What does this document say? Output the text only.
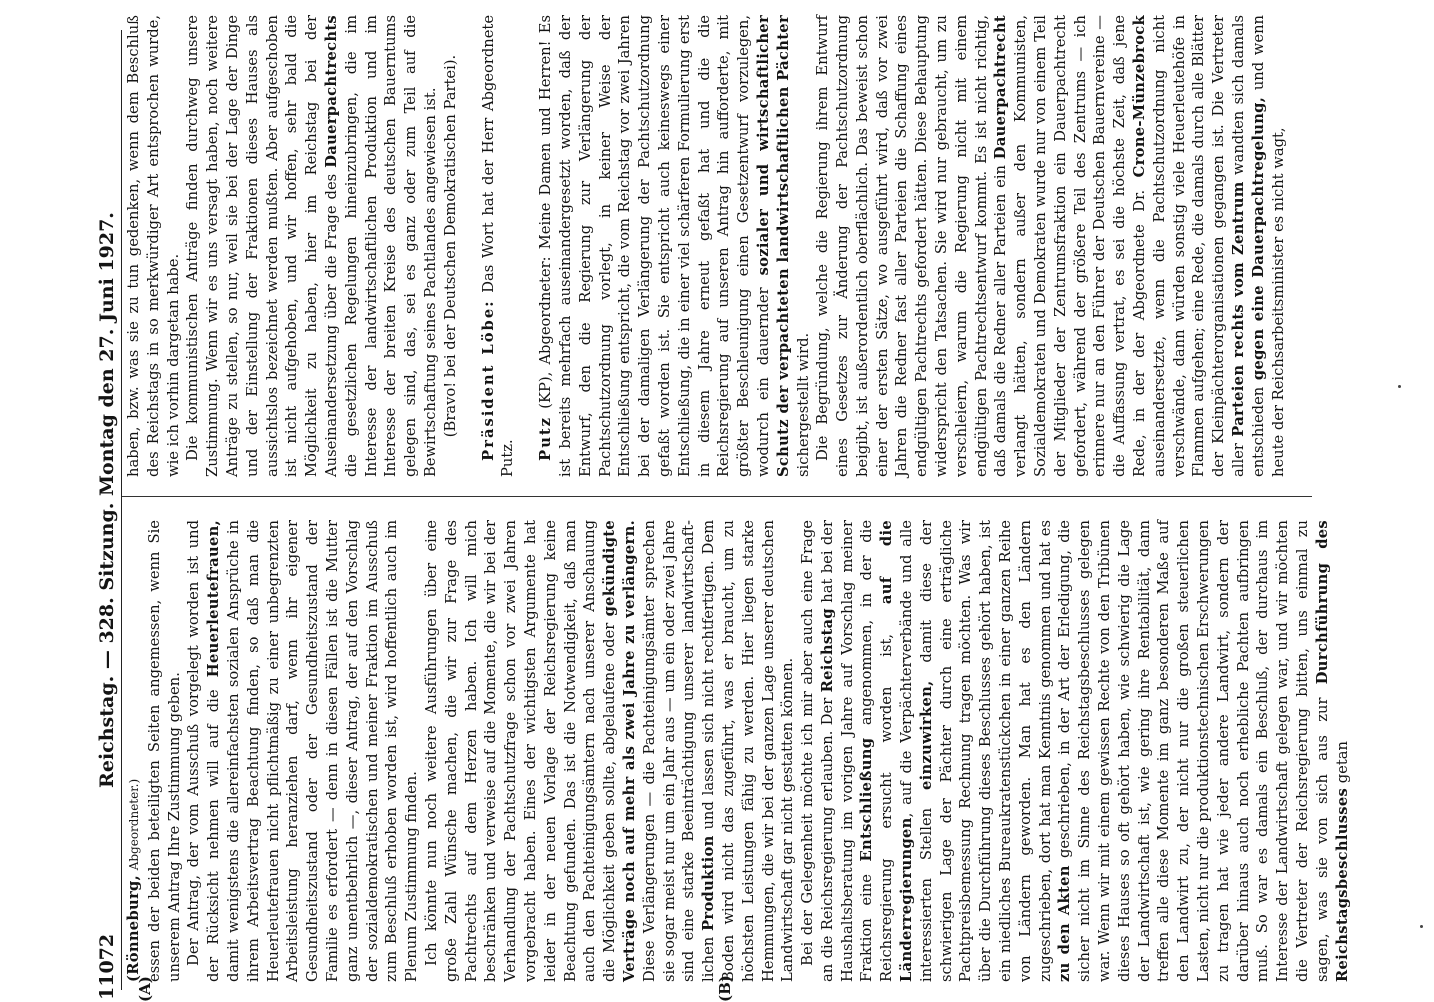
11072
Reichstag. — 328. Sitzung. Montag den 27. Juni 1927.
(A)	(B)

(Rönneburg, Abgeordneter.) essen der beiden beteiligten Seiten angemessen, wenn Sie unserem Antrag Ihre Zustimmung geben. Der Antrag, der vom Ausschuß vorgelegt worden ist und der Rücksicht nehmen will auf die Heuerleutefrauen, damit wenigstens die allereinfachsten sozialen Ansprüche in ihrem Arbeitsvertrag Beachtung finden, so daß man die Heuerleutefrauen nicht pflichtmäßig zu einer unbegrenzten Arbeitsleistung heranziehen darf, wenn ihr eigener Gesundheitszustand oder der Gesundheitszustand der Familie es erfordert — denn in diesen Fällen ist die Mutter ganz unentbehrlich —, dieser Antrag, der auf den Vorschlag der sozialdemokratischen und meiner Fraktion im Ausschuß zum Beschluß erhoben worden ist, wird hoffentlich auch im Plenum Zustimmung finden. Ich könnte nun noch weitere Ausführungen über eine große Zahl Wünsche machen, die wir zur Frage des Pachtrechts auf dem Herzen haben. Ich will mich beschränken und verweise auf die Momente, die wir bei der Verhandlung der Pachtschutzfrage schon vor zwei Jahren vorgebracht haben. Eines der wichtigsten Argumente hat leider in der neuen Vorlage der Reichsregierung keine Beachtung gefunden. Das ist die Notwendigkeit, daß man auch den Pachteinigungsämtern nach unserer Anschauung die Möglichkeit geben sollte, abgelaufene oder gekündigte Verträge noch auf mehr als zwei Jahre zu verlängern. Diese Verlängerungen — die Pachteinigungsämter sprechen sie sogar meist nur um ein Jahr aus — um ein oder zwei Jahre sind eine starke Beeinträchtigung unserer landwirtschaftlichen Produktion und lassen sich nicht rechtfertigen. Dem Boden wird nicht das zugeführt, was er braucht, um zu höchsten Leistungen fähig zu werden. Hier liegen starke Hemmungen, die wir bei der ganzen Lage unserer deutschen Landwirtschaft gar nicht gestatten können. Bei der Gelegenheit möchte ich mir aber auch eine Frage an die Reichsregierung erlauben. Der Reichstag hat bei der Haushaltsberatung im vorigen Jahre auf Vorschlag meiner Fraktion eine Entschließung angenommen, in der die Reichsregierung ersucht worden ist, auf die Länderregierungen, auf die Verpächterverbände und alle interessierten Stellen einzuwirken, damit diese der schwierigen Lage der Pächter durch eine erträgliche Pachtpreisbemessung Rechnung tragen möchten. Was wir über die Durchführung dieses Beschlusses gehört haben, ist ein niedliches Bureaukratenstückchen in einer ganzen Reihe von Ländern geworden. Man hat es den Ländern zugeschrieben, dort hat man Kenntnis genommen und hat es zu den Akten geschrieben, in der Art der Erledigung, die sicher nicht im Sinne des Reichstagsbeschlusses gelegen war. Wenn wir mit einem gewissen Rechte von den Tribünen dieses Hauses so oft gehört haben, wie schwierig die Lage der Landwirtschaft ist, wie gering ihre Rentabilität, dann treffen alle diese Momente im ganz besonderen Maße auf den Landwirt zu, der nicht nur die großen steuerlichen Lasten, nicht nur die produktionstechnischen Erschwerungen zu tragen hat wie jeder andere Landwirt, sondern der darüber hinaus auch noch erhebliche Pachten aufbringen muß. So war es damals ein Beschluß, der durchaus im Interesse der Landwirtschaft gelegen war, und wir möchten die Vertreter der Reichsregierung bitten, uns einmal zu sagen, was sie von sich aus zur Durchführung des Reichstagsbeschlusses getan

haben, bzw. was sie zu tun gedenken, wenn dem Beschluß des Reichstags in so merkwürdiger Art entsprochen wurde, wie ich vorhin dargetan habe. Die kommunistischen Anträge finden durchweg unsere Zustimmung. Wenn wir es uns versagt haben, noch weitere Anträge zu stellen, so nur, weil sie bei der Lage der Dinge und der Einstellung der Fraktionen dieses Hauses als aussichtslos bezeichnet werden mußten. Aber aufgeschoben ist nicht aufgehoben, und wir hoffen, sehr bald die Möglichkeit zu haben, hier im Reichstag bei der Auseinandersetzung über die Frage des Dauerpachtrechts die gesetzlichen Regelungen hineinzubringen, die im Interesse der landwirtschaftlichen Produktion und im Interesse der breiten Kreise des deutschen Bauerntums gelegen sind, das, sei es ganz oder zum Teil auf die Bewirtschaftung seines Pachtlandes angewiesen ist. (Bravo! bei der Deutschen Demokratischen Partei). Präsident Löbe: Das Wort hat der Herr Abgeordnete Putz. Putz (KP), Abgeordneter: Meine Damen und Herren! Es ist bereits mehrfach auseinandergesetzt worden, daß der Entwurf, den die Regierung zur Verlängerung der Pachtschutzordnung vorlegt, in keiner Weise der Entschließung entspricht, die vom Reichstag vor zwei Jahren bei der damaligen Verlängerung der Pachtschutzordnung gefaßt worden ist. Sie entspricht auch keineswegs einer Entschließung, die in einer viel schärferen Formulierung erst in diesem Jahre erneut gefaßt hat und die die Reichsregierung auf unseren Antrag hin aufforderte, mit größter Beschleunigung einen Gesetzentwurf vorzulegen, wodurch ein dauernder sozialer und wirtschaftlicher Schutz der verpachteten landwirtschaftlichen Pächter sichergestellt wird. Die Begründung, welche die Regierung ihrem Entwurf eines Gesetzes zur Änderung der Pachtschutzordnung beigibt, ist außerordentlich oberflächlich. Das beweist schon einer der ersten Sätze, wo ausgeführt wird, daß vor zwei Jahren die Redner fast aller Parteien die Schaffung eines endgültigen Pachtrechts gefordert hätten. Diese Behauptung widerspricht den Tatsachen. Sie wird nur gebraucht, um zu verschleiern, warum die Regierung nicht mit einem endgültigen Pachtrechtsentwurf kommt. Es ist nicht richtig, daß damals die Redner aller Parteien ein Dauerpachtrecht verlangt hätten, sondern außer den Kommunisten, Sozialdemokraten und Demokraten wurde nur von einem Teil der Mitglieder der Zentrumsfraktion ein Dauerpachtrecht gefordert, während der größere Teil des Zentrums — ich erinnere nur an den Führer der Deutschen Bauernvereine — die Auffassung vertrat, es sei die höchste Zeit, daß jene Rede, in der der Abgeordnete Dr. Crone-Münzebrock auseinandersetzte, wenn die Pachtschutzordnung nicht verschwände, dann würden sonstig viele Heuerleutehöfe in Flammen aufgehen; eine Rede, die damals durch alle Blätter der Kleinpächterorganisationen gegangen ist. Die Vertreter aller Parteien rechts vom Zentrum wandten sich damals entschieden gegen eine Dauerpachtregelung, und wenn heute der Reichsarbeitsminister es nicht wagt,
